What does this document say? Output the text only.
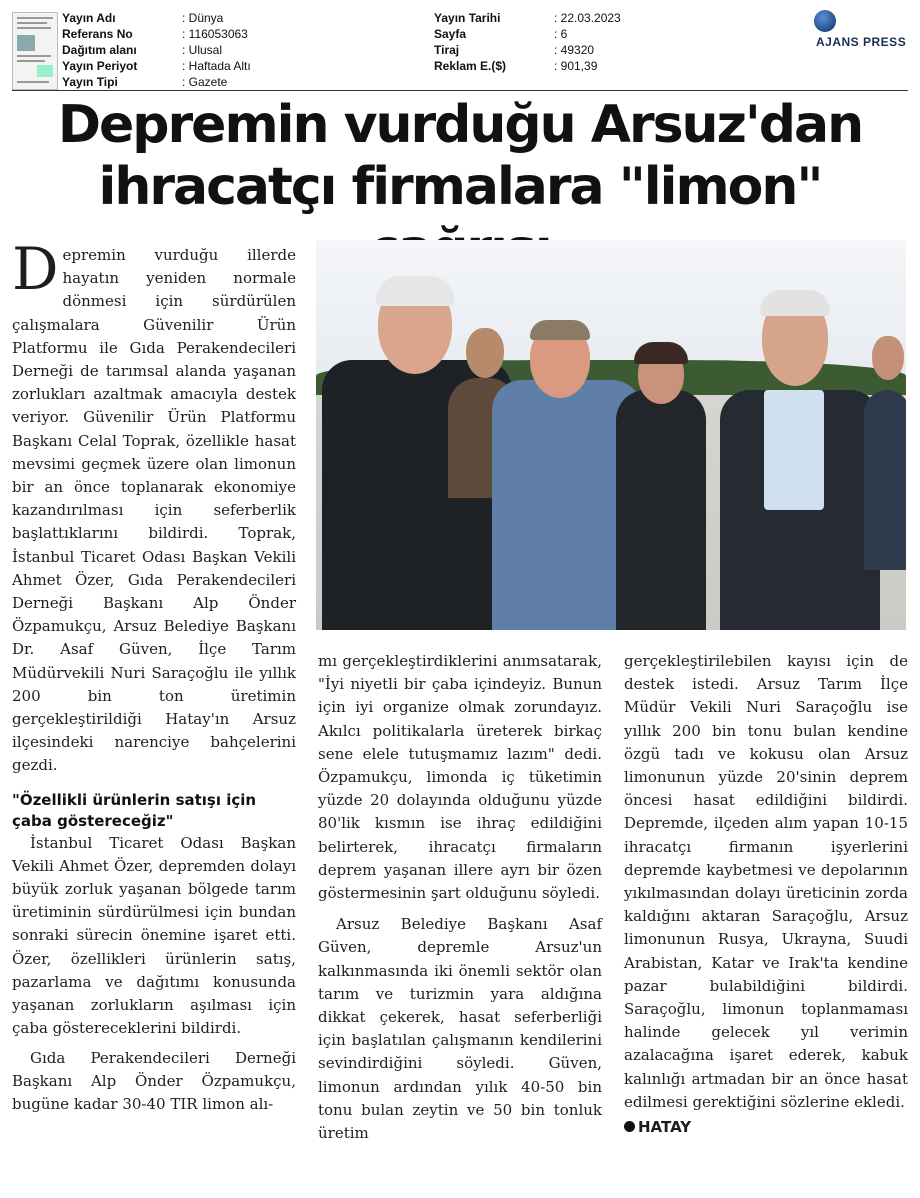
Yayın Adı	: Dünya
Referans No	: 116053063
Dağıtım alanı	: Ulusal
Yayın Periyot	: Haftada Altı
Yayın Tipi	: Gazete
Yayın Tarihi	: 22.03.2023
Sayfa	: 6
Tiraj	: 49320
Reklam E.($)	: 901,39
AJANS PRESS
Depremin vurduğu Arsuz'dan
ihracatçı firmalara "limon"

Depremin vurduğu illerde hayatın yeniden normale dönmesi için sürdürülen çalışmalara Güvenilir Ürün Platformu ile Gıda Perakendecileri Derneği de tarımsal alanda yaşanan zorlukları azaltmak amacıyla destek veriyor. Güvenilir Ürün Platformu Başkanı Celal Toprak, özellikle hasat mevsimi geçmek üzere olan limonun bir an önce toplanarak ekonomiye kazandırılması için seferberlik başlattıklarını bildirdi. Toprak, İstanbul Ticaret Odası Başkan Vekili Ahmet Özer, Gıda Perakendecileri Derneği Başkanı Alp Önder Özpamukçu, Arsuz Belediye Başkanı Dr. Asaf Güven, İlçe Tarım Müdürvekili Nuri Saraçoğlu ile yıllık 200 bin ton üretimin gerçekleştirildiği Hatay'ın Arsuz ilçesindeki narenciye bahçelerini gezdi.

"Özellikli ürünlerin satışı için çaba göstereceğiz"

İstanbul Ticaret Odası Başkan Vekili Ahmet Özer, depremden dolayı büyük zorluk yaşanan bölgede tarım üretiminin sürdürülmesi için bundan sonraki sürecin önemine işaret etti. Özer, özellikleri ürünlerin satış, pazarlama ve dağıtımı konusunda yaşanan zorlukların aşılması için çaba göstereceklerini bildirdi.

Gıda Perakendecileri Derneği Başkanı Alp Önder Özpamukçu, bugüne kadar 30-40 TIR limon alı-

mı gerçekleştirdiklerini anımsatarak, "İyi niyetli bir çaba içindeyiz. Bunun için iyi organize olmak zorundayız. Akılcı politikalarla üreterek birkaç sene elele tutuşmamız lazım" dedi. Özpamukçu, limonda iç tüketimin yüzde 20 dolayında olduğunu yüzde 80'lik kısmın ise ihraç edildiğini belirterek, ihracatçı firmaların deprem yaşanan illere ayrı bir özen göstermesinin şart olduğunu söyledi.

Arsuz Belediye Başkanı Asaf Güven, depremle Arsuz'un kalkınmasında iki önemli sektör olan tarım ve turizmin yara aldığına dikkat çekerek, hasat seferberliği için başlatılan çalışmanın kendilerini sevindirdiğini söyledi. Güven, limonun ardından yılık 40-50 bin tonu bulan zeytin ve 50 bin tonluk üretim

gerçekleştirilebilen kayısı için de destek istedi. Arsuz Tarım İlçe Müdür Vekili Nuri Saraçoğlu ise yıllık 200 bin tonu bulan kendine özgü tadı ve kokusu olan Arsuz limonunun yüzde 20'sinin deprem öncesi hasat edildiğini bildirdi. Depremde, ilçeden alım yapan 10-15 ihracatçı firmanın işyerlerini depremde kaybetmesi ve depolarının yıkılmasından dolayı üreticinin zorda kaldığını aktaran Saraçoğlu, Arsuz limonunun Rusya, Ukrayna, Suudi Arabistan, Katar ve Irak'ta kendine pazar bulabildiğini bildirdi. Saraçoğlu, limonun toplanmaması halinde gelecek yıl verimin azalacağına işaret ederek, kabuk kalınlığı artmadan bir an önce hasat edilmesi gerektiğini sözlerine ekledi.

HATAY
